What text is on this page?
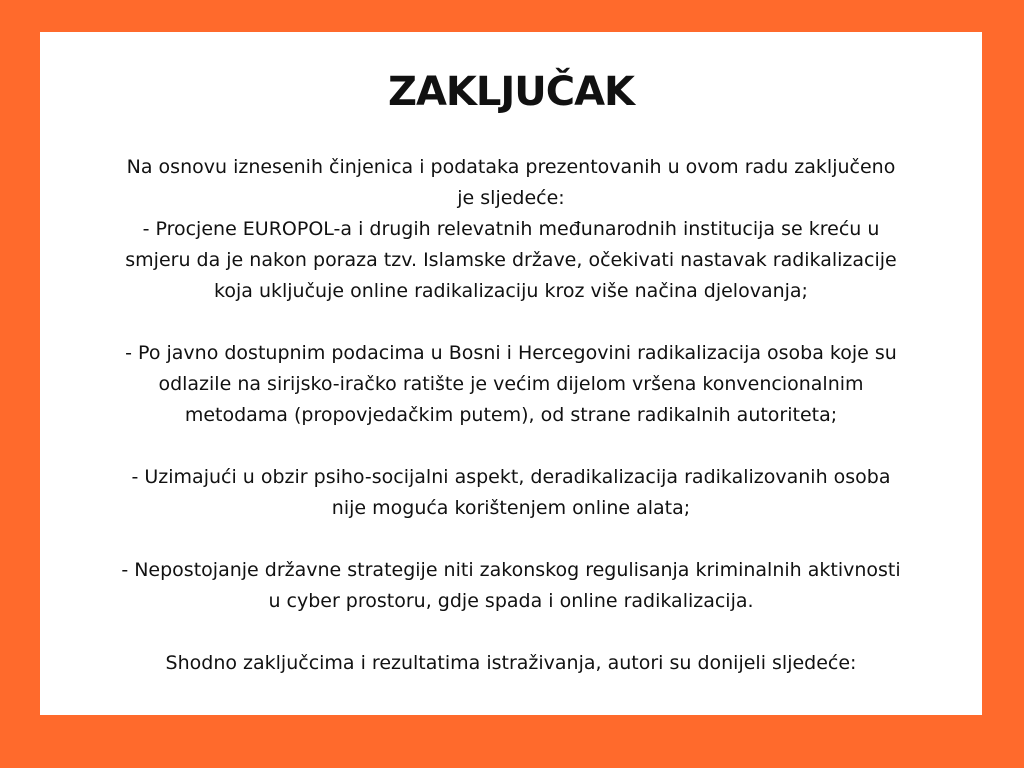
ZAKLJUČAK

Na osnovu iznesenih činjenica i podataka prezentovanih u ovom radu zaključeno
je sljedeće:
- Procjene EUROPOL-a i drugih relevatnih međunarodnih institucija se kreću u
smjeru da je nakon poraza tzv. Islamske države, očekivati nastavak radikalizacije
koja uključuje online radikalizaciju kroz više načina djelovanja;

- Po javno dostupnim podacima u Bosni i Hercegovini radikalizacija osoba koje su
odlazile na sirijsko-iračko ratište je većim dijelom vršena konvencionalnim
metodama (propovjedačkim putem), od strane radikalnih autoriteta;

- Uzimajući u obzir psiho-socijalni aspekt, deradikalizacija radikalizovanih osoba
nije moguća korištenjem online alata;

- Nepostojanje državne strategije niti zakonskog regulisanja kriminalnih aktivnosti
u cyber prostoru, gdje spada i online radikalizacija.

Shodno zaključcima i rezultatima istraživanja, autori su donijeli sljedeće:
